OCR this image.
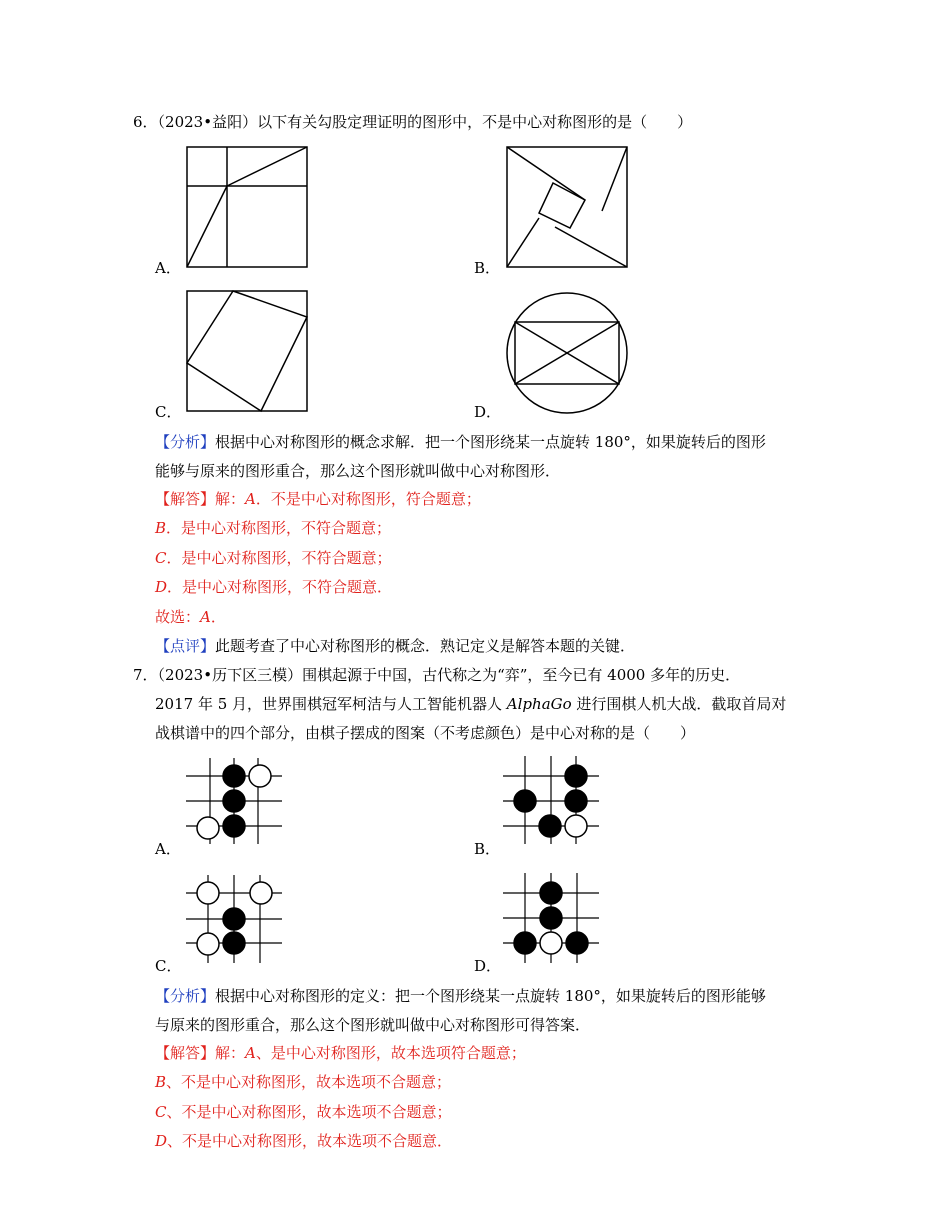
6．（2023•益阳）以下有关勾股定理证明的图形中，不是中心对称图形的是（　　）
A．	B．
C．	D．
【分析】根据中心对称图形的概念求解．把一个图形绕某一点旋转 180°，如果旋转后的图形
能够与原来的图形重合，那么这个图形就叫做中心对称图形．
【解答】解：A．不是中心对称图形，符合题意；
B．是中心对称图形，不符合题意；
C．是中心对称图形，不符合题意；
D．是中心对称图形，不符合题意．
故选：A．
【点评】此题考查了中心对称图形的概念．熟记定义是解答本题的关键．
7．（2023•历下区三模）围棋起源于中国，古代称之为“弈”，至今已有 4000 多年的历史．
2017 年 5 月，世界围棋冠军柯洁与人工智能机器人 AlphaGo 进行围棋人机大战．截取首局对
战棋谱中的四个部分，由棋子摆成的图案（不考虑颜色）是中心对称的是（　　）
A．	B．
C．	D．
【分析】根据中心对称图形的定义：把一个图形绕某一点旋转 180°，如果旋转后的图形能够
与原来的图形重合，那么这个图形就叫做中心对称图形可得答案．
【解答】解：A、是中心对称图形，故本选项符合题意；
B、不是中心对称图形，故本选项不合题意；
C、不是中心对称图形，故本选项不合题意；
D、不是中心对称图形，故本选项不合题意．
